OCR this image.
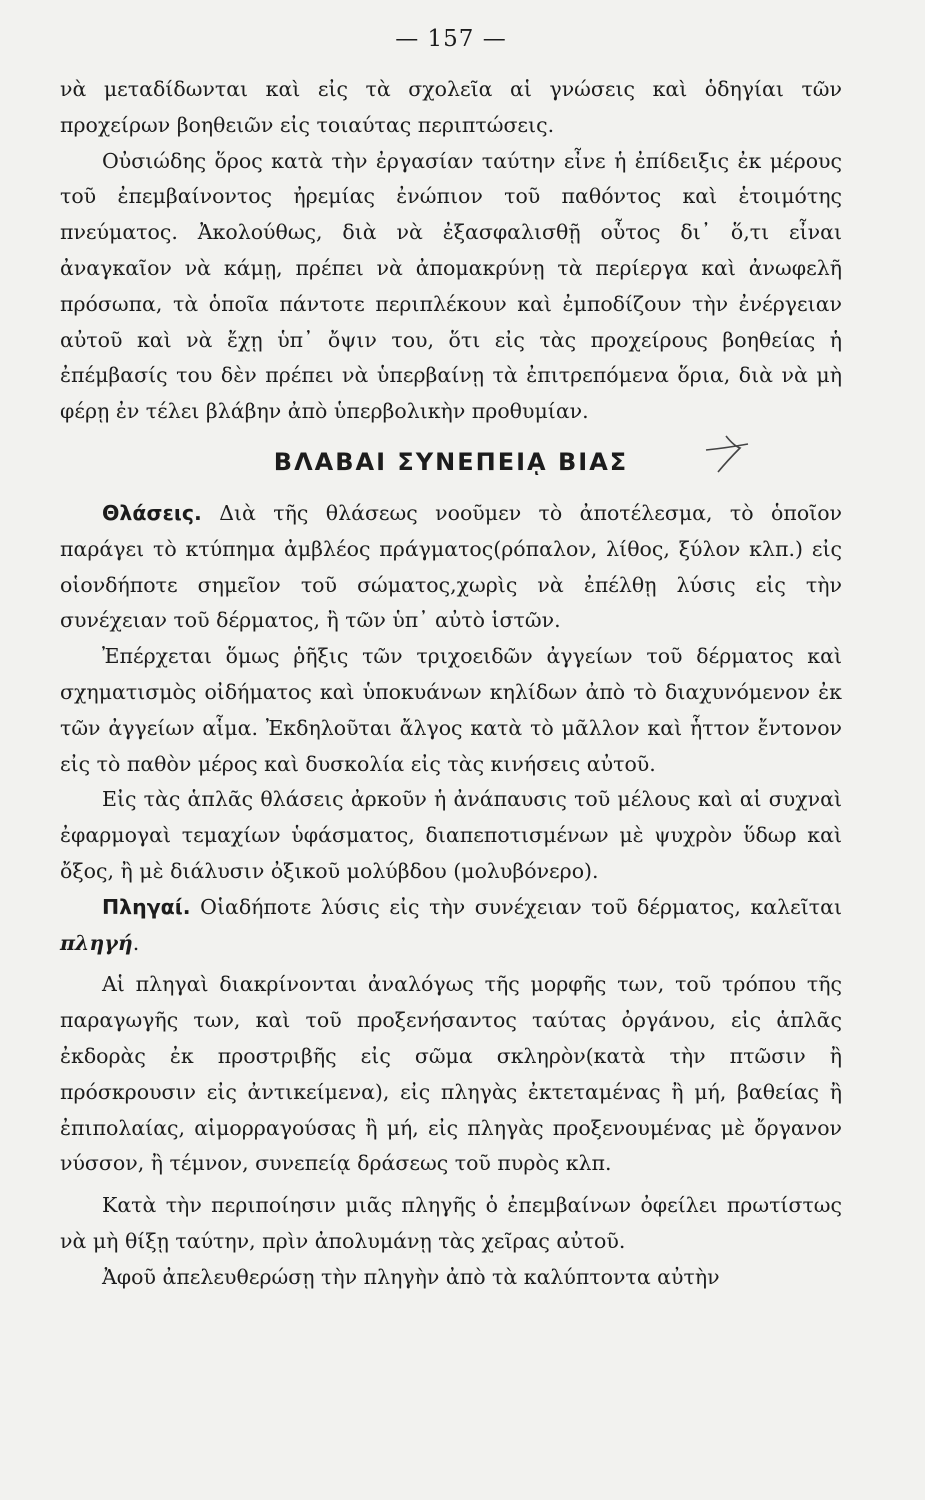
— 157 —

νὰ μεταδίδωνται καὶ εἰς τὰ σχολεῖα αἱ γνώσεις καὶ ὁδηγίαι τῶν προχείρων βοηθειῶν εἰς τοιαύτας περιπτώσεις.

Οὐσιώδης ὅρος κατὰ τὴν ἐργασίαν ταύτην εἶνε ἡ ἐπίδειξις ἐκ μέρους τοῦ ἐπεμβαίνοντος ἠρεμίας ἐνώπιον τοῦ παθόντος καὶ ἑτοιμότης πνεύματος. Ἀκολούθως, διὰ νὰ ἐξασφαλισθῇ οὗτος δι᾽ ὅ,τι εἶναι ἀναγκαῖον νὰ κάμῃ, πρέπει νὰ ἀπομακρύνῃ τὰ περίεργα καὶ ἀνωφελῆ πρόσωπα, τὰ ὁποῖα πάντοτε περιπλέκουν καὶ ἐμποδίζουν τὴν ἐνέργειαν αὐτοῦ καὶ νὰ ἔχῃ ὑπ᾽ ὄψιν του, ὅτι εἰς τὰς προχείρους βοηθείας ἡ ἐπέμβασίς του δὲν πρέπει νὰ ὑπερβαίνῃ τὰ ἐπιτρεπόμενα ὅρια, διὰ νὰ μὴ φέρῃ ἐν τέλει βλάβην ἀπὸ ὑπερβολικὴν προθυμίαν.

ΒΛΑΒΑΙ ΣΥΝΕΠΕΙᾼ ΒΙΑΣ

Θλάσεις. Διὰ τῆς θλάσεως νοοῦμεν τὸ ἀποτέλεσμα, τὸ ὁποῖον παράγει τὸ κτύπημα ἀμβλέος πράγματος(ρόπαλον, λίθος, ξύλον κλπ.) εἰς οἱονδήποτε σημεῖον τοῦ σώματος,χωρὶς νὰ ἐπέλθῃ λύσις εἰς τὴν συνέχειαν τοῦ δέρματος, ἢ τῶν ὑπ᾽ αὐτὸ ἱστῶν.

Ἐπέρχεται ὅμως ῥῆξις τῶν τριχοειδῶν ἀγγείων τοῦ δέρματος καὶ σχηματισμὸς οἰδήματος καὶ ὑποκυάνων κηλίδων ἀπὸ τὸ διαχυνόμενον ἐκ τῶν ἀγγείων αἷμα. Ἐκδηλοῦται ἄλγος κατὰ τὸ μᾶλλον καὶ ἧττον ἔντονον εἰς τὸ παθὸν μέρος καὶ δυσκολία εἰς τὰς κινήσεις αὐτοῦ.

Εἰς τὰς ἁπλᾶς θλάσεις ἀρκοῦν ἡ ἀνάπαυσις τοῦ μέλους καὶ αἱ συχναὶ ἐφαρμογαὶ τεμαχίων ὑφάσματος, διαπεποτισμένων μὲ ψυχρὸν ὕδωρ καὶ ὄξος, ἢ μὲ διάλυσιν ὀξικοῦ μολύβδου (μολυβόνερο).

Πληγαί. Οἱαδήποτε λύσις εἰς τὴν συνέχειαν τοῦ δέρματος, καλεῖται πληγή.

Αἱ πληγαὶ διακρίνονται ἀναλόγως τῆς μορφῆς των, τοῦ τρόπου τῆς παραγωγῆς των, καὶ τοῦ προξενήσαντος ταύτας ὀργάνου, εἰς ἁπλᾶς ἐκδορὰς ἐκ προστριβῆς εἰς σῶμα σκληρὸν(κατὰ τὴν πτῶσιν ἢ πρόσκρουσιν εἰς ἀντικείμενα), εἰς πληγὰς ἐκτεταμένας ἢ μή, βαθείας ἢ ἐπιπολαίας, αἱμορραγούσας ἢ μή, εἰς πληγὰς προξενουμένας μὲ ὄργανον νύσσον, ἢ τέμνον, συνεπείᾳ δράσεως τοῦ πυρὸς κλπ.

Κατὰ τὴν περιποίησιν μιᾶς πληγῆς ὁ ἐπεμβαίνων ὀφείλει πρωτίστως νὰ μὴ θίξῃ ταύτην, πρὶν ἀπολυμάνῃ τὰς χεῖρας αὐτοῦ.

Ἀφοῦ ἀπελευθερώσῃ τὴν πληγὴν ἀπὸ τὰ καλύπτοντα αὐτὴν
